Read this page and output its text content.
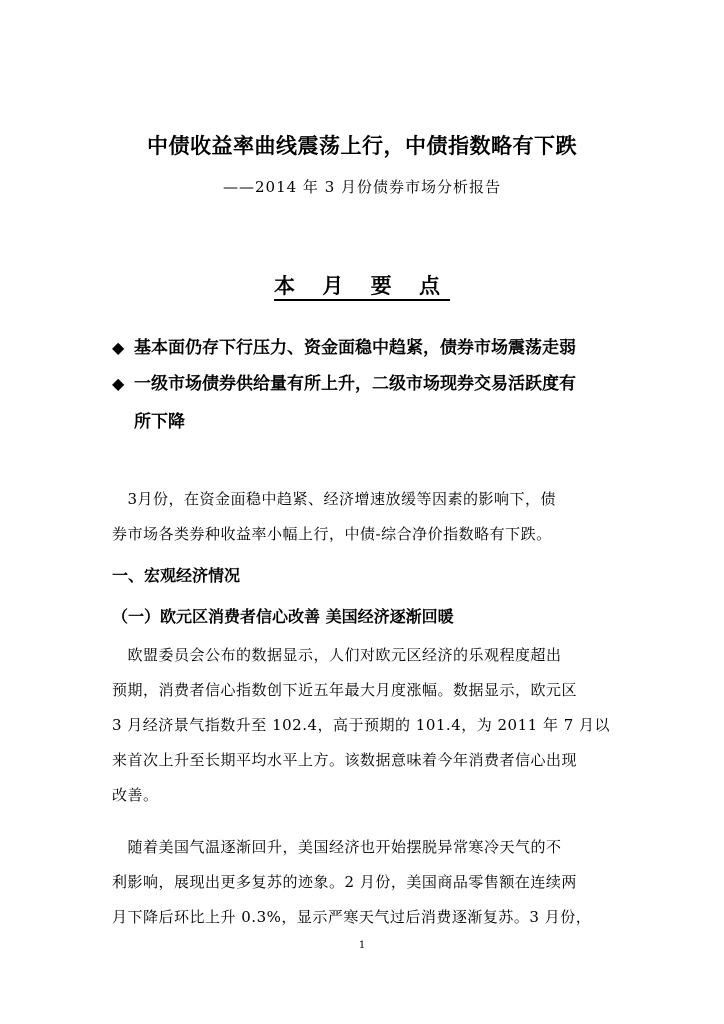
中债收益率曲线震荡上行，中债指数略有下跌
——2014 年 3 月份债券市场分析报告
本 月 要 点
◆ 基本面仍存下行压力、资金面稳中趋紧，债券市场震荡走弱
◆ 一级市场债券供给量有所上升，二级市场现券交易活跃度有
所下降
　3月份，在资金面稳中趋紧、经济增速放缓等因素的影响下，债
券市场各类券种收益率小幅上行，中债-综合净价指数略有下跌。
一、宏观经济情况
（一）欧元区消费者信心改善 美国经济逐渐回暖
　欧盟委员会公布的数据显示，人们对欧元区经济的乐观程度超出
预期，消费者信心指数创下近五年最大月度涨幅。数据显示，欧元区
3 月经济景气指数升至 102.4，高于预期的 101.4，为 2011 年 7 月以
来首次上升至长期平均水平上方。该数据意味着今年消费者信心出现
改善。
　随着美国气温逐渐回升，美国经济也开始摆脱异常寒冷天气的不
利影响，展现出更多复苏的迹象。2 月份，美国商品零售额在连续两
月下降后环比上升 0.3%，显示严寒天气过后消费逐渐复苏。3 月份，
1
